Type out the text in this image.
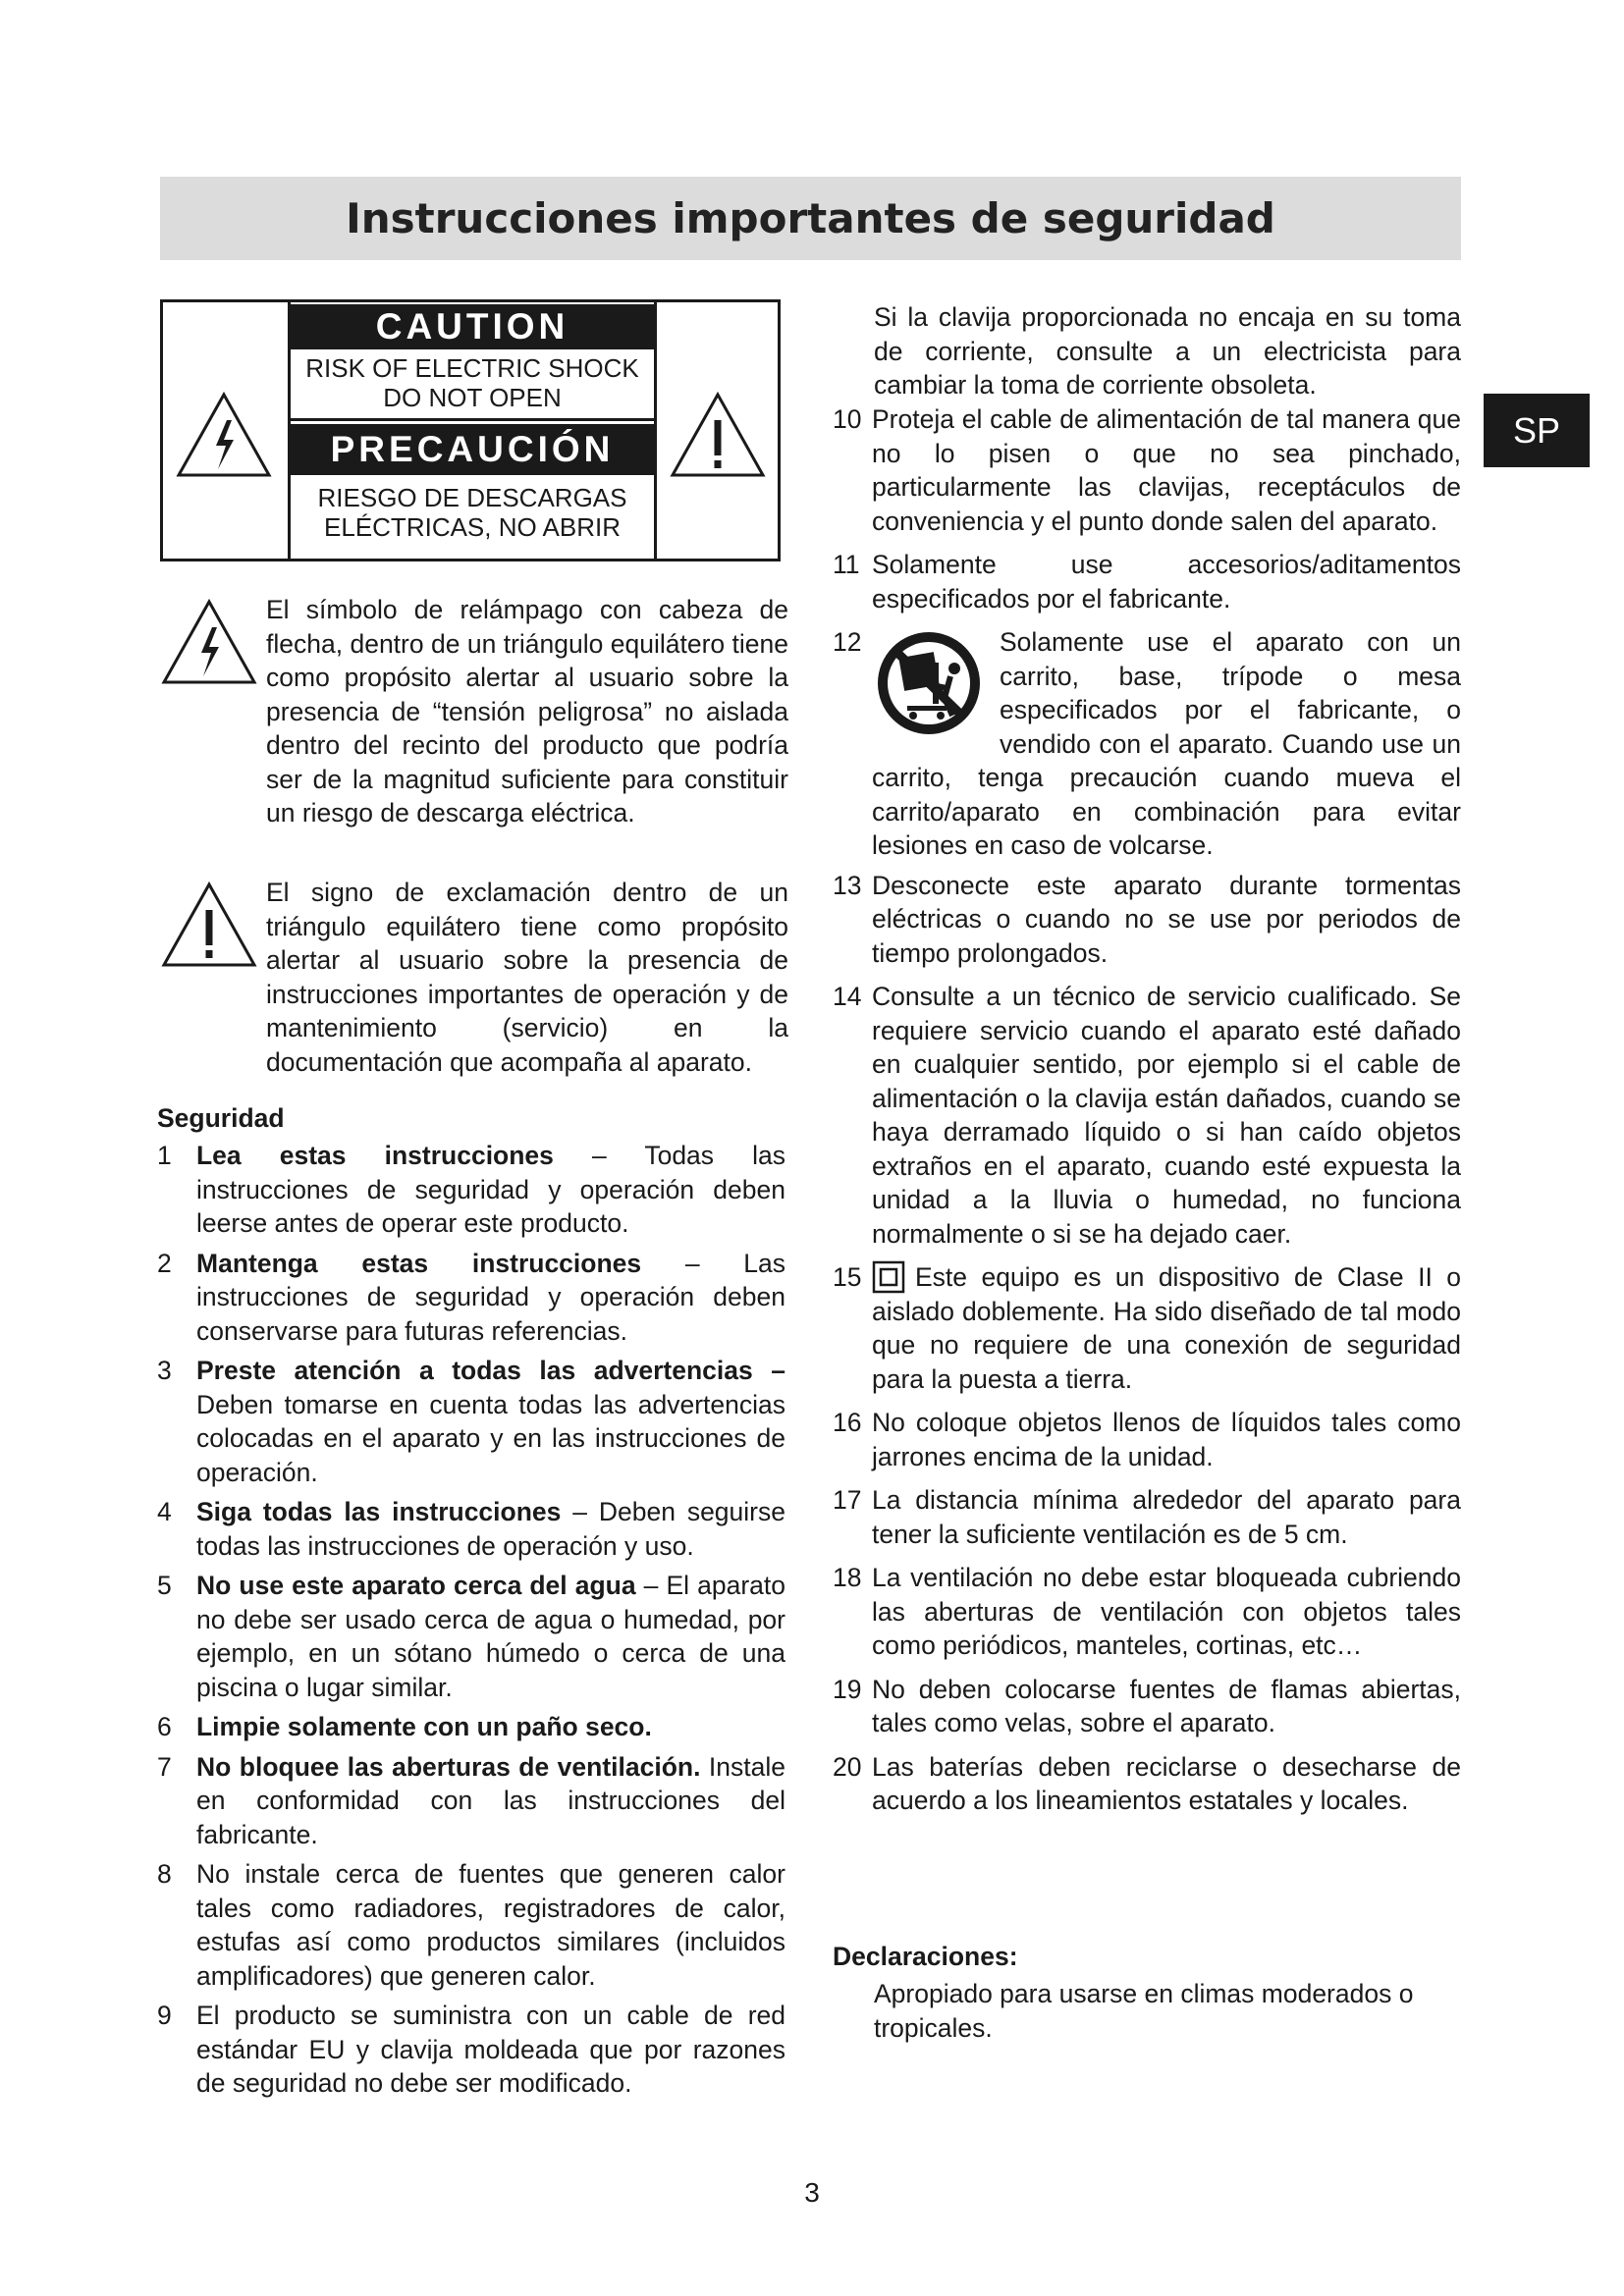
Instrucciones importantes de seguridad
SP
CAUTION
RISK OF ELECTRIC SHOCK
DO NOT OPEN
PRECAUCIÓN
RIESGO DE DESCARGAS
ELÉCTRICAS, NO ABRIR

El símbolo de relámpago con cabeza de flecha, dentro de un triángulo equilátero tiene como propósito alertar al usuario sobre la presencia de “tensión peligrosa” no aislada dentro del recinto del producto que podría ser de la magnitud suficiente para constituir un riesgo de descarga eléctrica.

El signo de exclamación dentro de un triángulo equilátero tiene como propósito alertar al usuario sobre la presencia de instrucciones importantes de operación y de mantenimiento (servicio) en la documentación que acompaña al aparato.

Seguridad
1 Lea estas instrucciones – Todas las instrucciones de seguridad y operación deben leerse antes de operar este producto.
2 Mantenga estas instrucciones – Las instrucciones de seguridad y operación deben conservarse para futuras referencias.
3 Preste atención a todas las advertencias – Deben tomarse en cuenta todas las advertencias colocadas en el aparato y en las instrucciones de operación.
4 Siga todas las instrucciones – Deben seguirse todas las instrucciones de operación y uso.
5 No use este aparato cerca del agua – El aparato no debe ser usado cerca de agua o humedad, por ejemplo, en un sótano húmedo o cerca de una piscina o lugar similar.
6 Limpie solamente con un paño seco.
7 No bloquee las aberturas de ventilación. Instale en conformidad con las instrucciones del fabricante.
8 No instale cerca de fuentes que generen calor tales como radiadores, registradores de calor, estufas así como productos similares (incluidos amplificadores) que generen calor.
9 El producto se suministra con un cable de red estándar EU y clavija moldeada que por razones de seguridad no debe ser modificado.

Si la clavija proporcionada no encaja en su toma de corriente, consulte a un electricista para cambiar la toma de corriente obsoleta.

10 Proteja el cable de alimentación de tal manera que no lo pisen o que no sea pinchado, particularmente las clavijas, receptáculos de conveniencia y el punto donde salen del aparato.
11 Solamente use accesorios/aditamentos especificados por el fabricante.
12	Solamente use el aparato con un carrito, base, trípode o mesa especificados por el fabricante, o vendido con el aparato. Cuando use un carrito, tenga precaución cuando mueva el carrito/aparato en combinación para evitar lesiones en caso de volcarse.
13 Desconecte este aparato durante tormentas eléctricas o cuando no se use por periodos de tiempo prolongados.
14 Consulte a un técnico de servicio cualificado. Se requiere servicio cuando el aparato esté dañado en cualquier sentido, por ejemplo si el cable de alimentación o la clavija están dañados, cuando se haya derramado líquido o si han caído objetos extraños en el aparato, cuando esté expuesta la unidad a la lluvia o humedad, no funciona normalmente o si se ha dejado caer.
15 Este equipo es un dispositivo de Clase II o aislado doblemente. Ha sido diseñado de tal modo que no requiere de una conexión de seguridad para la puesta a tierra.
16 No coloque objetos llenos de líquidos tales como jarrones encima de la unidad.
17 La distancia mínima alrededor del aparato para tener la suficiente ventilación es de 5 cm.
18 La ventilación no debe estar bloqueada cubriendo las aberturas de ventilación con objetos tales como periódicos, manteles, cortinas, etc…
19 No deben colocarse fuentes de flamas abiertas, tales como velas, sobre el aparato.
20 Las baterías deben reciclarse o desecharse de acuerdo a los lineamientos estatales y locales.
Declaraciones:

Apropiado para usarse en climas moderados o tropicales.

3
